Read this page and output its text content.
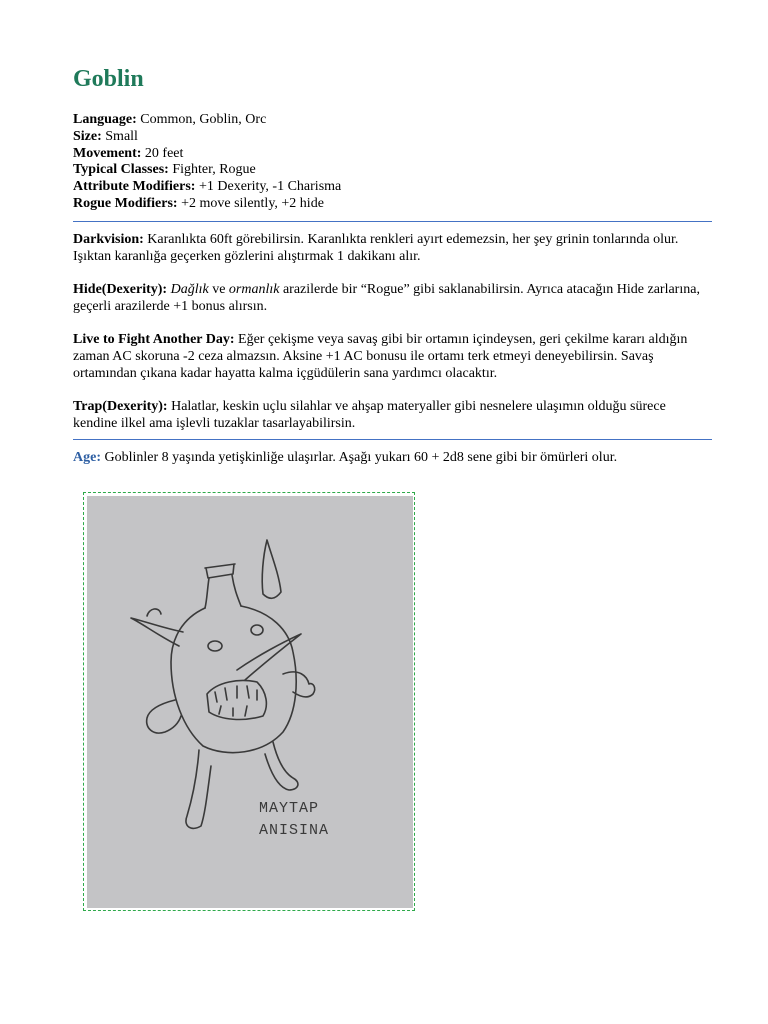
Goblin
Language: Common, Goblin, Orc
Size: Small
Movement: 20 feet
Typical Classes: Fighter, Rogue
Attribute Modifiers: +1 Dexerity, -1 Charisma
Rogue Modifiers: +2 move silently, +2 hide
Darkvision: Karanlıkta 60ft görebilirsin. Karanlıkta renkleri ayırt edemezsin, her şey grinin tonlarında olur. Işıktan karanlığa geçerken gözlerini alıştırmak 1 dakikanı alır.
Hide(Dexerity): Dağlık ve ormanlık arazilerde bir “Rogue” gibi saklanabilirsin. Ayrıca atacağın Hide zarlarına, geçerli arazilerde +1 bonus alırsın.
Live to Fight Another Day: Eğer çekişme veya savaş gibi bir ortamın içindeysen, geri çekilme kararı aldığın zaman AC skoruna -2 ceza almazsın. Aksine +1 AC bonusu ile ortamı terk etmeyi deneyebilirsin. Savaş ortamından çıkana kadar hayatta kalma içgüdülerin sana yardımcı olacaktır.
Trap(Dexerity): Halatlar, keskin uçlu silahlar ve ahşap materyaller gibi nesnelere ulaşımın olduğu sürece kendine ilkel ama işlevli tuzaklar tasarlayabilirsin.
Age: Goblinler 8 yaşında yetişkinliğe ulaşırlar. Aşağı yukarı 60 + 2d8 sene gibi bir ömürleri olur.
MAYTAP
ANISINA
